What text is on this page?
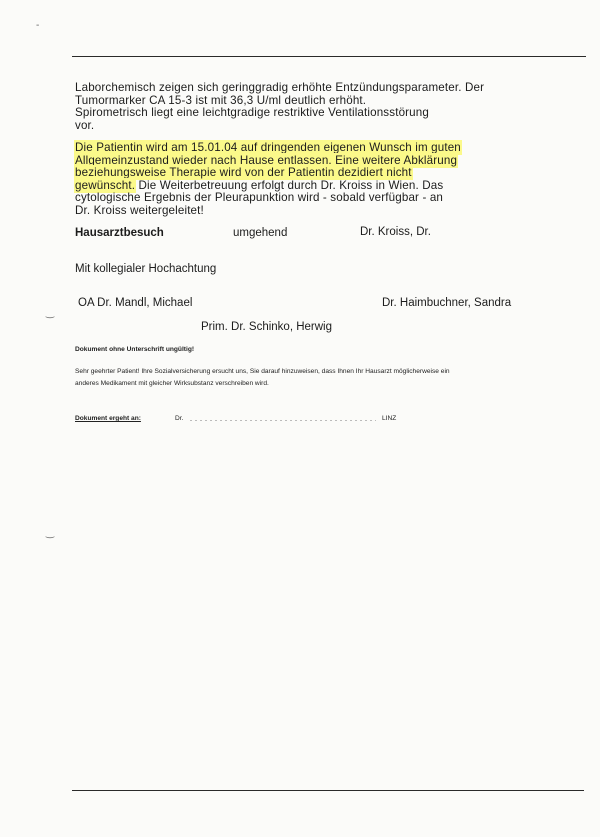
-
Laborchemisch zeigen sich geringgradig erhöhte Entzündungsparameter. Der
Tumormarker CA 15-3 ist mit 36,3 U/ml deutlich erhöht.
Spirometrisch liegt eine leichtgradige restriktive Ventilationsstörung
vor.
Die Patientin wird am 15.01.04 auf dringenden eigenen Wunsch im guten
Allgemeinzustand wieder nach Hause entlassen. Eine weitere Abklärung
beziehungsweise Therapie wird von der Patientin dezidiert nicht
gewünscht. Die Weiterbetreuung erfolgt durch Dr. Kroiss in Wien. Das
cytologische Ergebnis der Pleurapunktion wird - sobald verfügbar - an
Dr. Kroiss weitergeleitet!
Hausarztbesuch	umgehend	Dr. Kroiss, Dr.
Mit kollegialer Hochachtung
OA Dr. Mandl, Michael	Dr. Haimbuchner, Sandra
Prim. Dr. Schinko, Herwig
‿
Dokument ohne Unterschrift ungültig!
Sehr geehrter Patient! Ihre Sozialversicherung ersucht uns, Sie darauf hinzuweisen, dass Ihnen Ihr Hausarzt möglicherweise ein
anderes Medikament mit gleicher Wirksubstanz verschreiben wird.
Dokument ergeht an:	Dr.	LINZ
‿
